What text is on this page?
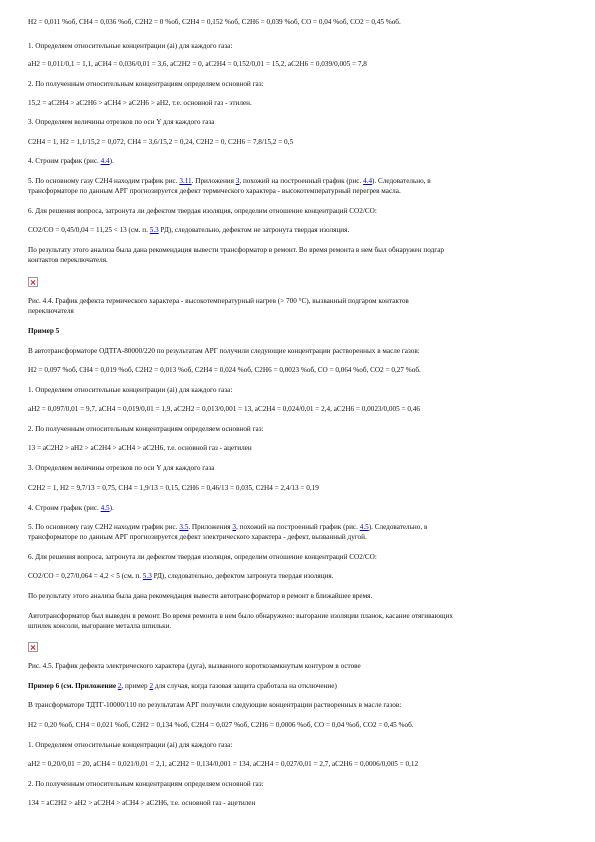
H2 = 0,011 %об, CH4 = 0,036 %об, C2H2 = 0 %об, C2H4 = 0,152 %об, C2H6 = 0,039 %об, CO = 0,04 %об, CO2 = 0,45 %об.
1. Определяем относительные концентрации (аi) для каждого газа:
аH2 = 0,011/0,1 = 1,1, аCH4 = 0,036/0,01 = 3,6, аC2H2 = 0, аC2H4 = 0,152/0,01 = 15,2, аC2H6 = 0,039/0,005 = 7,8
2. По полученным относительным концентрациям определяем основной газ:
15,2 = аC2H4 > аC2H6 > аCH4 > аC2H6 > аH2, т.е. основной газ - этилен.
3. Определяем величины отрезков по оси Y для каждого газа
C2H4 = 1, H2 = 1,1/15,2 = 0,072, CH4 = 3,6/15,2 = 0,24, C2H2 = 0, C2H6 = 7,8/15,2 = 0,5
4. Строим график (рис. 4.4).
5. По основному газу C2H4 находим график рис. 3.11. Приложения 3, похожий на построенный график (рис. 4.4). Следовательно, в
трансформаторе по данным АРГ прогнозируется дефект термического характера - высокотемпературный перегрев масла.
6. Для решения вопроса, затронута ли дефектом твердая изоляция, определим отношение концентраций CO2/CO:
CO2/CO = 0,45/0,04 = 11,25 < 13 (см. п. 5.3 РД), следовательно, дефектом не затронута твердая изоляция.
По результату этого анализа была дана рекомендация вывести трансформатор в ремонт. Во время ремонта в нем был обнаружен подгар
контактов переключателя.
Рис. 4.4. График дефекта термического характера - высокотемпературный нагрев (> 700 °С), вызванный подгаром контактов
переключателя
Пример 5
В автотрансформаторе ОДТГА-80000/220 по результатам АРГ получили следующие концентрации растворенных в масле газов:
H2 = 0,097 %об, CH4 = 0,019 %об, C2H2 = 0,013 %об, C2H4 = 0,024 %об, C2H6 = 0,0023 %об, CO = 0,064 %об, CO2 = 0,27 %об.
1. Определяем относительные концентрации (аi) для каждого газа:
аH2 = 0,097/0,01 = 9,7, аCH4 = 0,019/0,01 = 1,9, аC2H2 = 0,013/0,001 = 13, аC2H4 = 0,024/0,01 = 2,4, аC2H6 = 0,0023/0,005 = 0,46
2. По полученным относительным концентрациям определяем основной газ:
13 = аC2H2 > аH2 > аC2H4 > аCH4 > аC2H6, т.е. основной газ - ацетилен
3. Определяем величины отрезков по оси Y для каждого газа
C2H2 = 1, H2 = 9,7/13 = 0,75, CH4 = 1,9/13 = 0,15, C2H6 = 0,46/13 = 0,035, C2H4 = 2,4/13 = 0,19
4. Строим график (рис. 4.5).
5. По основному газу C2H2 находим график рис. 3.5. Приложения 3, похожий на построенный график (рис. 4.5). Следовательно, в
трансформаторе по данным АРГ прогнозируется дефект электрического характера - дефект, вызванный дугой.
6. Для решения вопроса, затронута ли дефектом твердая изоляция, определим отношение концентраций CO2/CO:
CO2/CO = 0,27/0,064 = 4,2 < 5 (см. п. 5.3 РД), следовательно, дефектом затронута твердая изоляция.
По результату этого анализа была дана рекомендация вывести автотрансформатор в ремонт в ближайшее время.
Автотрансформатор был выведен в ремонт. Во время ремонта в нем было обнаружено: выгорание изоляции планок, касание отягивающих
шпилек консоли, выгорание металла шпильки.
Рис. 4.5. График дефекта электрического характера (дуга), вызванного короткозамкнутым контуром в остове
Пример 6 (см. Приложение 2, пример 2 для случая, когда газовая защита сработала на отключение)
В трансформаторе ТДТГ-10000/110 по результатам АРГ получили следующие концентрации растворенных в масле газов:
H2 = 0,20 %об, CH4 = 0,021 %об, C2H2 = 0,134 %об, C2H4 = 0,027 %об, C2H6 = 0,0006 %об, CO = 0,04 %об, CO2 = 0,45 %об.
1. Определяем относительные концентрации (аi) для каждого газа:
аH2 = 0,20/0,01 = 20, аCH4 = 0,021/0,01 = 2,1, аC2H2 = 0,134/0,001 = 134, аC2H4 = 0,027/0,01 = 2,7, аC2H6 = 0,0006/0,005 = 0,12
2. По полученным относительным концентрациям определяем основной газ:
134 = аC2H2 > аH2 > аC2H4 > аCH4 > аC2H6, т.е. основной газ - ацетилен
